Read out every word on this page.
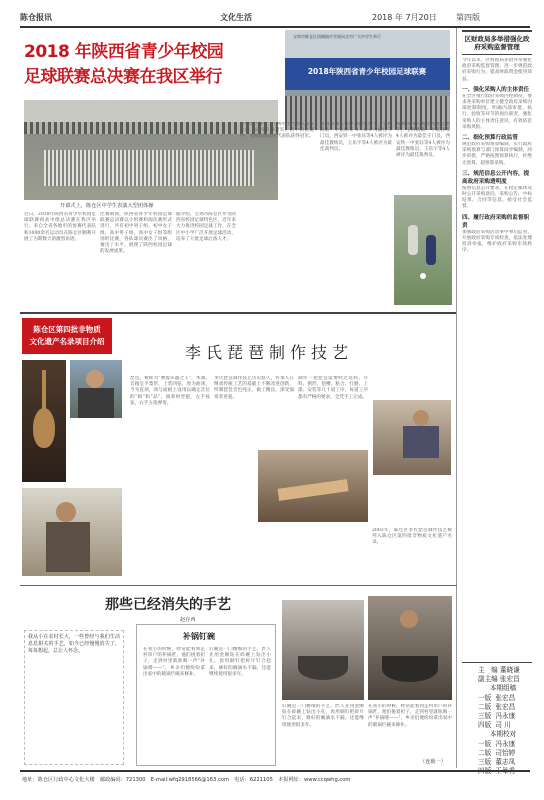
陈仓报讯	文化生活	2018 年 7月20日 第四版
2018 年陕西省青少年校园
足球联赛总决赛在我区举行
宝鸡市陈仓区团城镇中学面向全市广大中学生举行
2018年陕西省青少年校园足球联赛
开幕式上，陈仓区中学生表演大型团体操
近日，2018年陕西省青少年校园足球联赛初高中组总决赛在我区举行。来自全省各地市的参赛代表队和1000余名运动员在陈仓区顺利开展了为期数天的激烈角逐。
比赛期间，陕西省青少年校园足球联赛总决赛以小组赛和淘汰赛形式进行，共有初中男子组、初中女子组、高中男子组、高中女子组等组别的比赛，各队球员赛出了风格，赛出了水平，展现了陕西校园足球的发展成果。
据介绍，宝鸡市陈仓区作为陕西省校园足球特色区，近年来大力推进校园足球工作，在全区中小学广泛开展足球活动，培养了大批足球后备人才。
高中组比赛中，宝鸡中学代表队发挥出色，最终获得冠军。初中组比赛中，宝鸡市陈仓区代表队获得冠军。
海燕等 4人被评为最佳射手，宝鸡高新一中张津等 4人被评为最佳守门员，西安铁一中张钰等4人被评为最佳教练员，王乐宇等4人被评为最佳裁判员。
海燕等 4人被评为最佳射手，宝鸡高新一中张津等 4人被评为最佳守门员，西安铁一中张钰等4人被评为最佳教练员，王乐宇等4人被评为最佳裁判员。
区财政局多举措强化政府采购监督管理
今年以来，区财政局多措并举强化政府采购监督管理，进一步规范政府采购行为，提高财政资金使用效益。
一、强化采购人的主体责任
在全区推行政府采购内控制度，要求各采购单位建立健全政府采购内部控制制度，明确内部审批、执行、验收等环节的岗位职责，强化采购人的主体责任意识，有效防范采购风险。
二、细化预算行政监管
规范政府采购预算编制，实行政府采购预算与部门预算同步编制、同步审批，严格按照预算执行，杜绝无预算、超预算采购。
三、规范信息公开内容，提高政府采购透明度
按照信息公开要求，在指定媒体及时公开采购意向、采购公告、中标结果、合同等信息，接受社会监督。
四、履行政府采购的监督职责
加强政府采购活动事中事后监管，开展政府采购专项检查，依法处理投诉举报，维护政府采购市场秩序。
主　编 董晓谦
副主编 张宏昌
本期组稿
一版 张宏昌
二版 张宏昌
三版 冯永康
四版 司 川
本期校对
一版 冯永康
二版 司怡婷
三版 董志凤

陈仓区第四批非物质
文化遗产名录项目介绍
李氏琵琶制作技艺
琵琶，被称为“弹拨乐器之王”，木制，音箱呈半梨形，上装四弦，原为曲颈，今为直颈，颈与面板上设用以确定音位的“相”和“品”。演奏时竖抱，左手按弦，右手五指弹奏。
李氏琵琶制作技艺历史悠久，传承人在继承传统工艺的基础上不断改进创新，所制琵琶音色纯正、做工精良，深受演奏者喜爱。
制作一把琵琶需要经过选料、开料、刨形、挖槽、粘合、打磨、上漆、安装等几十道工序，每道工序都有严格的要求，全凭手工完成。
2003年，陈仓区李氏琵琶制作技艺被列入陈仓区第四批非物质文化遗产名录。
那些已经消失的手艺
赵存西
我从小在农村长大，一些曾经与我们生活息息相关的手艺，如今已经慢慢消失了，每每想起，总让人怀念。
补锅钉碗
在我小的时候，经常能看到走村串户的补锅匠，他们挑着担子，走到村里就吆喝一声“补锅喽——”，乡亲们便纷纷拿出家中的破锅烂碗来修补。
钉碗是一门精细的手艺，匠人先用金刚钻在碎碗上钻出小孔，再用铜钉把碎片钉合起来，修好的碗滴水不漏，还能继续使用很多年。
钉碗是一门精细的手艺，匠人先用金刚钻在碎碗上钻出小孔，再用铜钉把碎片钉合起来，修好的碗滴水不漏，还能继续使用很多年。
在我小的时候，经常能看到走村串户的补锅匠，他们挑着担子，走到村里就吆喝一声“补锅喽——”，乡亲们便纷纷拿出家中的破锅烂碗来修补。
（连载一）
地址：陈仓区行政中心文化大楼　邮政编码：721300　E-mail:wfq2918566@163.com　电话：6221105　本报网址：www.ccqwhg.com
